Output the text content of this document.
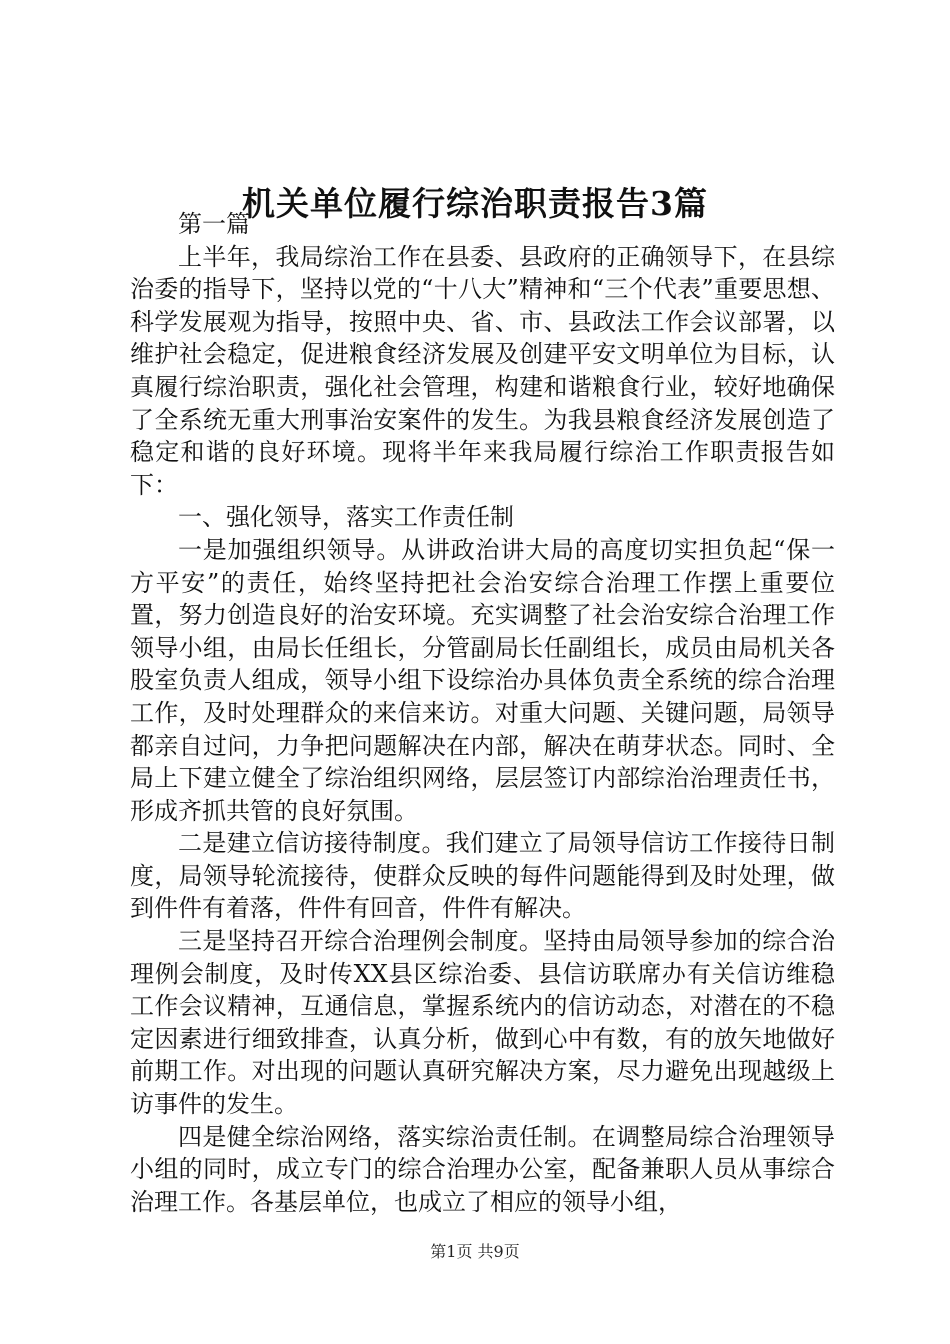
机关单位履行综治职责报告3篇

第一篇

上半年，我局综治工作在县委、县政府的正确领导下，在县综治委的指导下，坚持以党的“十八大”精神和“三个代表”重要思想、科学发展观为指导，按照中央、省、市、县政法工作会议部署，以维护社会稳定，促进粮食经济发展及创建平安文明单位为目标，认真履行综治职责，强化社会管理，构建和谐粮食行业，较好地确保了全系统无重大刑事治安案件的发生。为我县粮食经济发展创造了稳定和谐的良好环境。现将半年来我局履行综治工作职责报告如下：

一、强化领导，落实工作责任制

一是加强组织领导。从讲政治讲大局的高度切实担负起“保一方平安”的责任，始终坚持把社会治安综合治理工作摆上重要位置，努力创造良好的治安环境。充实调整了社会治安综合治理工作领导小组，由局长任组长，分管副局长任副组长，成员由局机关各股室负责人组成，领导小组下设综治办具体负责全系统的综合治理工作，及时处理群众的来信来访。对重大问题、关键问题，局领导都亲自过问，力争把问题解决在内部，解决在萌芽状态。同时、全局上下建立健全了综治组织网络，层层签订内部综治治理责任书，形成齐抓共管的良好氛围。

二是建立信访接待制度。我们建立了局领导信访工作接待日制度，局领导轮流接待，使群众反映的每件问题能得到及时处理，做到件件有着落，件件有回音，件件有解决。

三是坚持召开综合治理例会制度。坚持由局领导参加的综合治理例会制度，及时传XX县区综治委、县信访联席办有关信访维稳工作会议精神，互通信息，掌握系统内的信访动态，对潜在的不稳定因素进行细致排查，认真分析，做到心中有数，有的放矢地做好前期工作。对出现的问题认真研究解决方案，尽力避免出现越级上访事件的发生。

四是健全综治网络，落实综治责任制。在调整局综合治理领导小组的同时，成立专门的综合治理办公室，配备兼职人员从事综合治理工作。各基层单位，也成立了相应的领导小组，

第1页 共9页
